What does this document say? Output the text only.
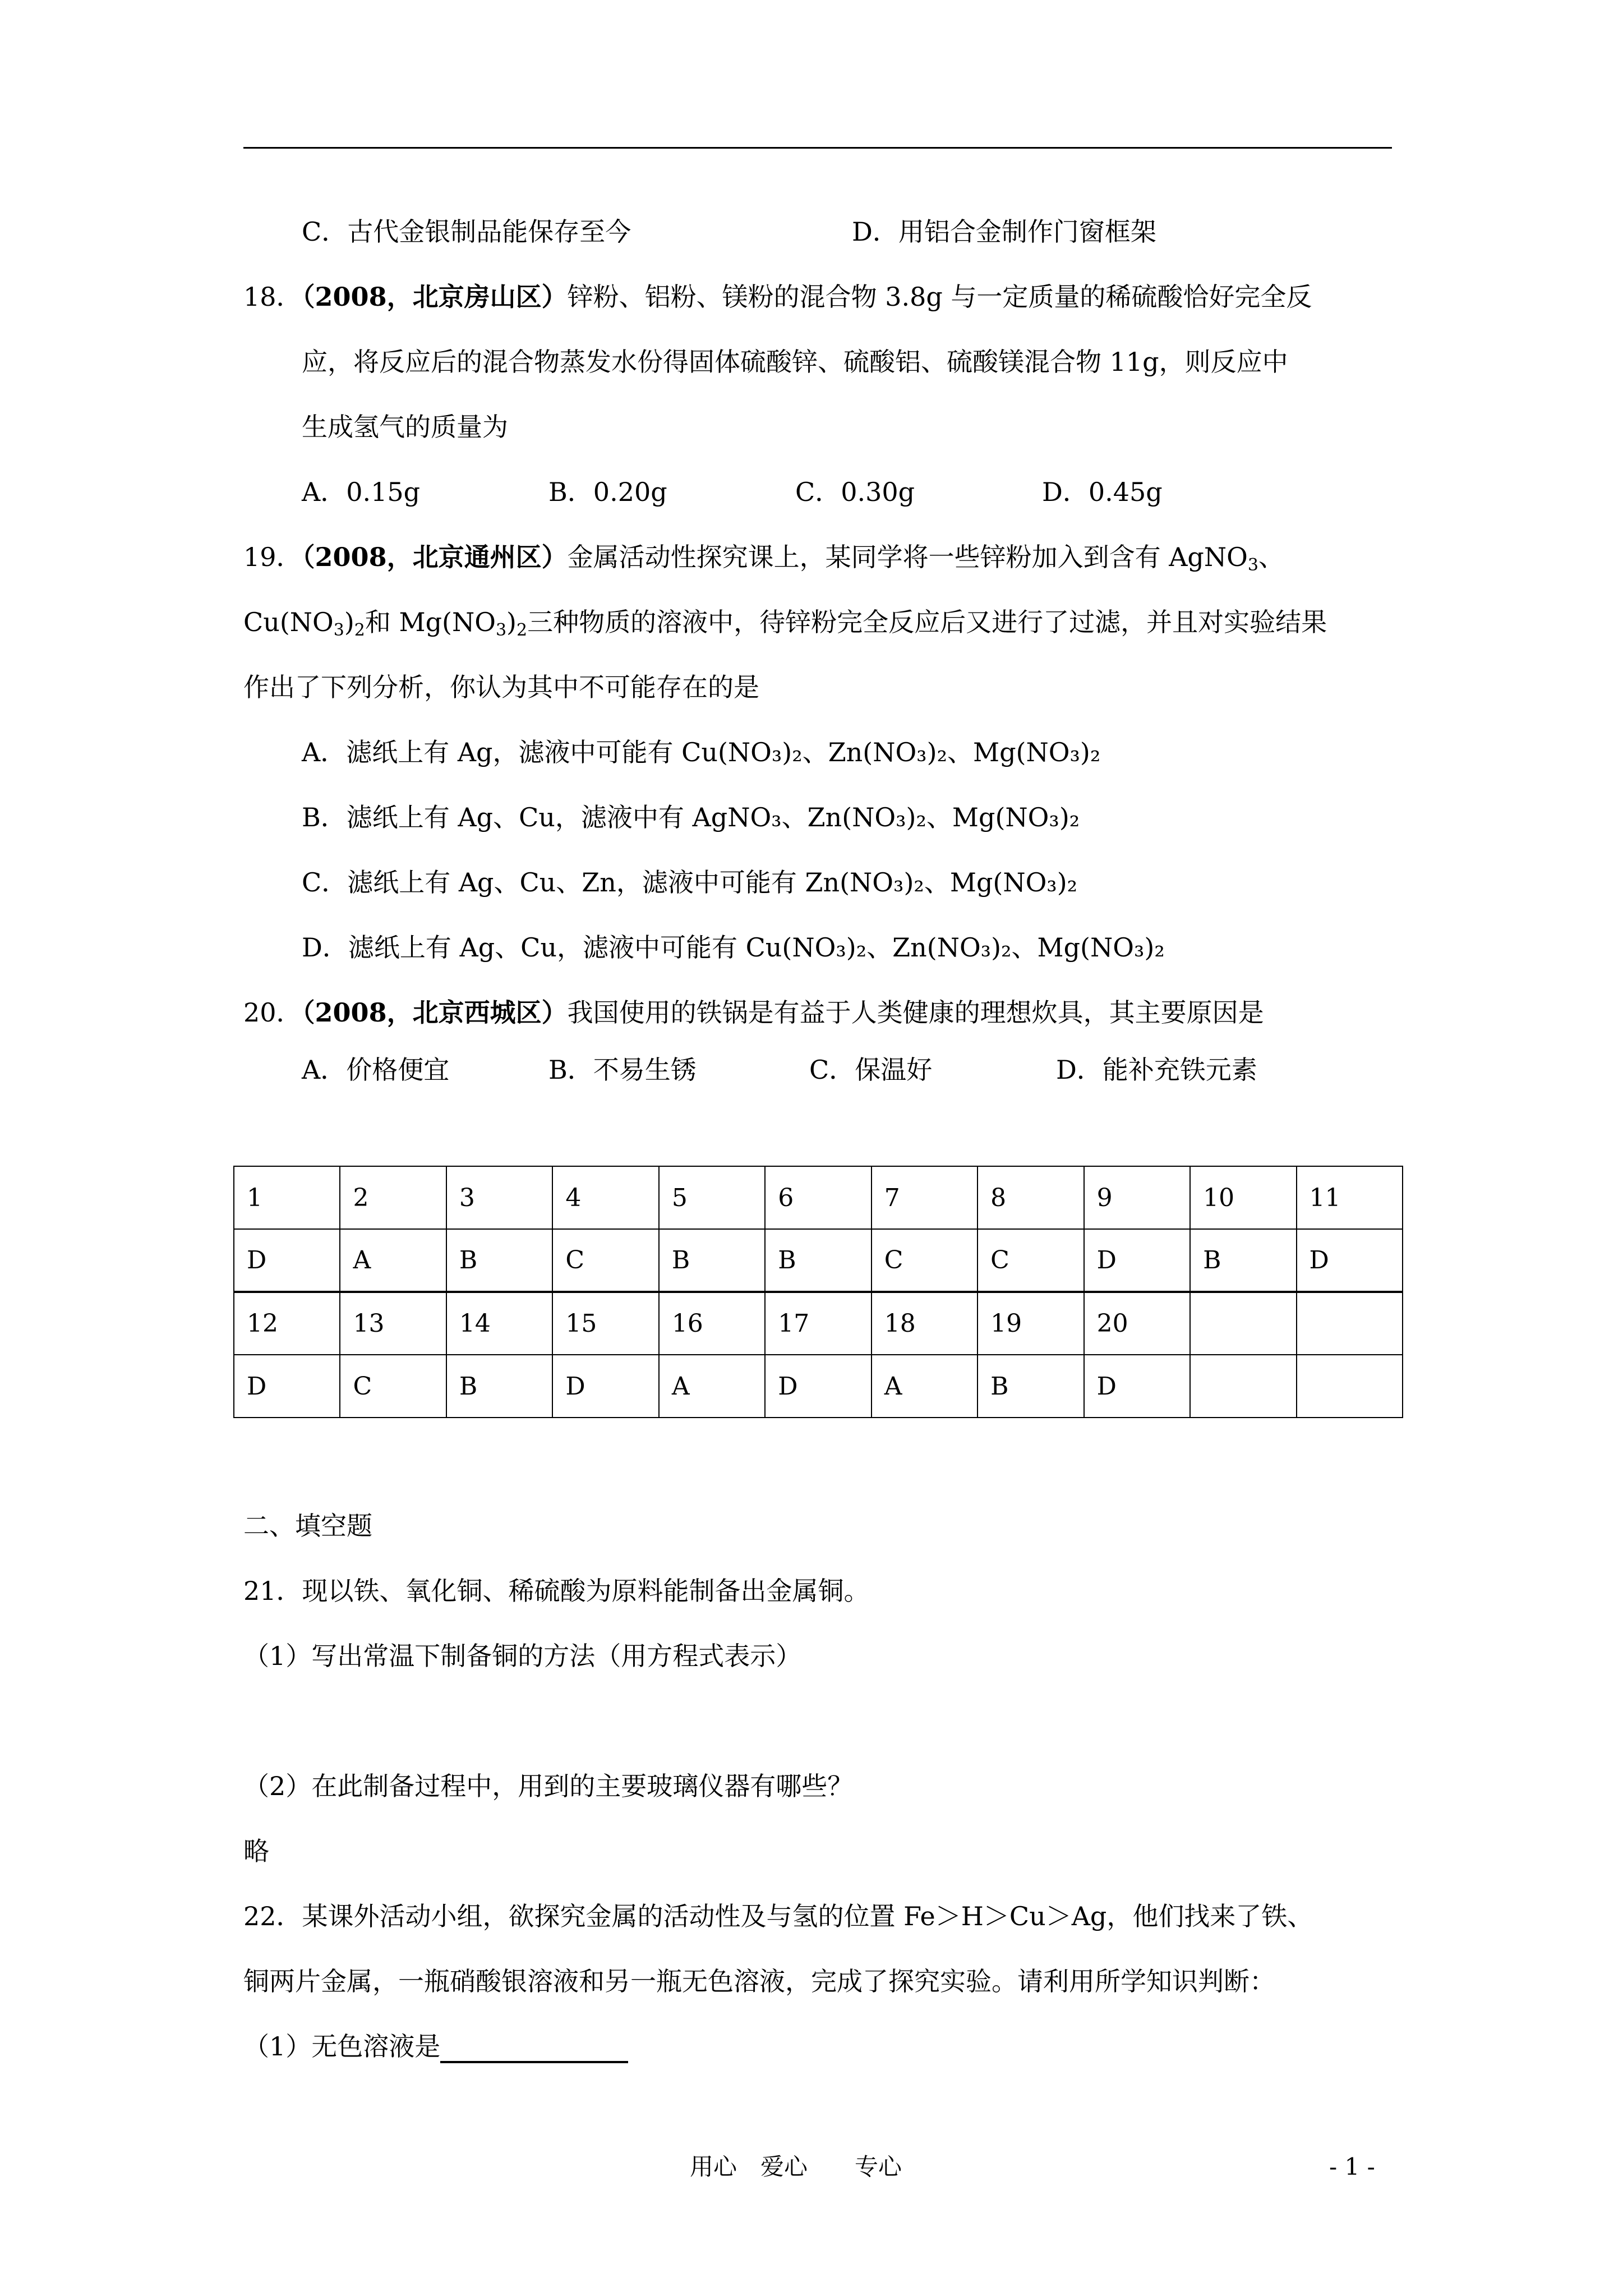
C．古代金银制品能保存至今	D．用铝合金制作门窗框架
18．（2008，北京房山区）锌粉、铝粉、镁粉的混合物 3.8g 与一定质量的稀硫酸恰好完全反
应，将反应后的混合物蒸发水份得固体硫酸锌、硫酸铝、硫酸镁混合物 11g，则反应中
生成氢气的质量为
A．0.15g	B．0.20g	C．0.30g	D．0.45g
19．（2008，北京通州区）金属活动性探究课上，某同学将一些锌粉加入到含有 AgNO$_3$、
$Cu(NO_3)_2$和 $Mg(NO_3)_2$三种物质的溶液中，待锌粉完全反应后又进行了过滤，并且对实验结果
作出了下列分析，你认为其中不可能存在的是
A．滤纸上有 Ag，滤液中可能有 Cu(NO₃)₂、Zn(NO₃)₂、Mg(NO₃)₂
B．滤纸上有 Ag、Cu，滤液中有 AgNO₃、Zn(NO₃)₂、Mg(NO₃)₂
C．滤纸上有 Ag、Cu、Zn，滤液中可能有 Zn(NO₃)₂、Mg(NO₃)₂
D．滤纸上有 Ag、Cu，滤液中可能有 Cu(NO₃)₂、Zn(NO₃)₂、Mg(NO₃)₂
20．（2008，北京西城区）我国使用的铁锅是有益于人类健康的理想炊具，其主要原因是
A．价格便宜	B．不易生锈	C．保温好	D．能补充铁元素
1	2	3	4	5	6	7	8	9	10	11
D	A	B	C	B	B	C	C	D	B	D
12	13	14	15	16	17	18	19	20		
D	C	B	D	A	D	A	B	D		
二、填空题
21．现以铁、氧化铜、稀硫酸为原料能制备出金属铜。
（1）写出常温下制备铜的方法（用方程式表示）
（2）在此制备过程中，用到的主要玻璃仪器有哪些？
略
22．某课外活动小组，欲探究金属的活动性及与氢的位置 Fe＞H＞Cu＞Ag，他们找来了铁、
铜两片金属，一瓶硝酸银溶液和另一瓶无色溶液，完成了探究实验。请利用所学知识判断：
（1）无色溶液是
用心　爱心　　专心	- 1 -
